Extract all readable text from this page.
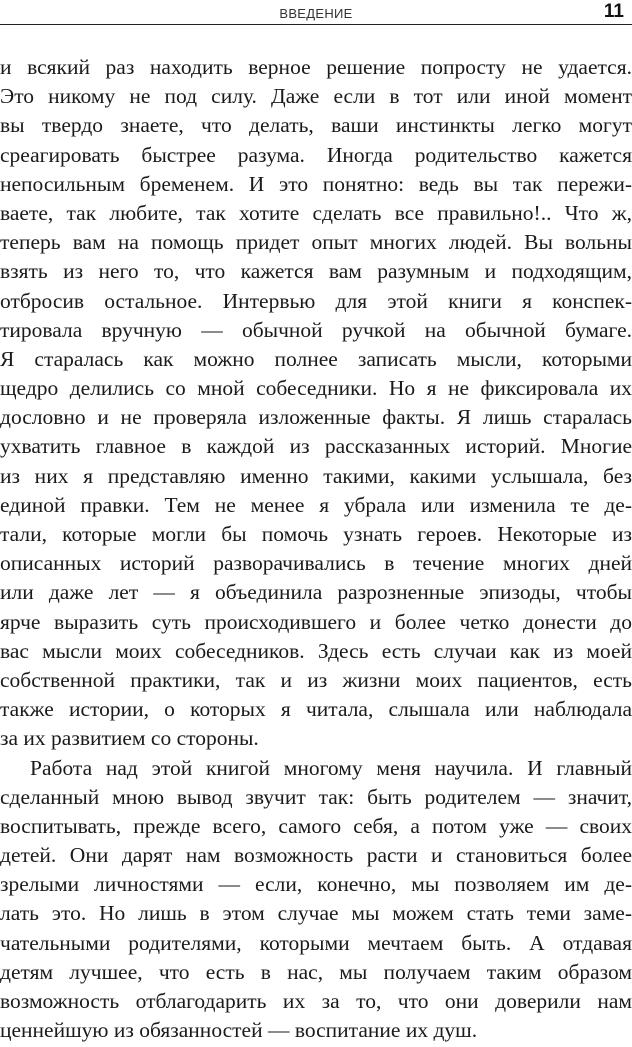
ВВЕДЕНИЕ	11
и всякий раз находить верное решение попросту не удается.
Это никому не под силу. Даже если в тот или иной момент
вы твердо знаете, что делать, ваши инстинкты легко могут
среагировать быстрее разума. Иногда родительство кажется
непосильным бременем. И это понятно: ведь вы так пережи-
ваете, так любите, так хотите сделать все правильно!.. Что ж,
теперь вам на помощь придет опыт многих людей. Вы вольны
взять из него то, что кажется вам разумным и подходящим,
отбросив остальное. Интервью для этой книги я конспек-
тировала вручную — обычной ручкой на обычной бумаге.
Я старалась как можно полнее записать мысли, которыми
щедро делились со мной собеседники. Но я не фиксировала их
дословно и не проверяла изложенные факты. Я лишь старалась
ухватить главное в каждой из рассказанных историй. Многие
из них я представляю именно такими, какими услышала, без
единой правки. Тем не менее я убрала или изменила те де-
тали, которые могли бы помочь узнать героев. Некоторые из
описанных историй разворачивались в течение многих дней
или даже лет — я объединила разрозненные эпизоды, чтобы
ярче выразить суть происходившего и более четко донести до
вас мысли моих собеседников. Здесь есть случаи как из моей
собственной практики, так и из жизни моих пациентов, есть
также истории, о которых я читала, слышала или наблюдала
за их развитием со стороны.
Работа над этой книгой многому меня научила. И главный
сделанный мною вывод звучит так: быть родителем — значит,
воспитывать, прежде всего, самого себя, а потом уже — своих
детей. Они дарят нам возможность расти и становиться более
зрелыми личностями — если, конечно, мы позволяем им де-
лать это. Но лишь в этом случае мы можем стать теми заме-
чательными родителями, которыми мечтаем быть. А отдавая
детям лучшее, что есть в нас, мы получаем таким образом
возможность отблагодарить их за то, что они доверили нам
ценнейшую из обязанностей — воспитание их душ.
